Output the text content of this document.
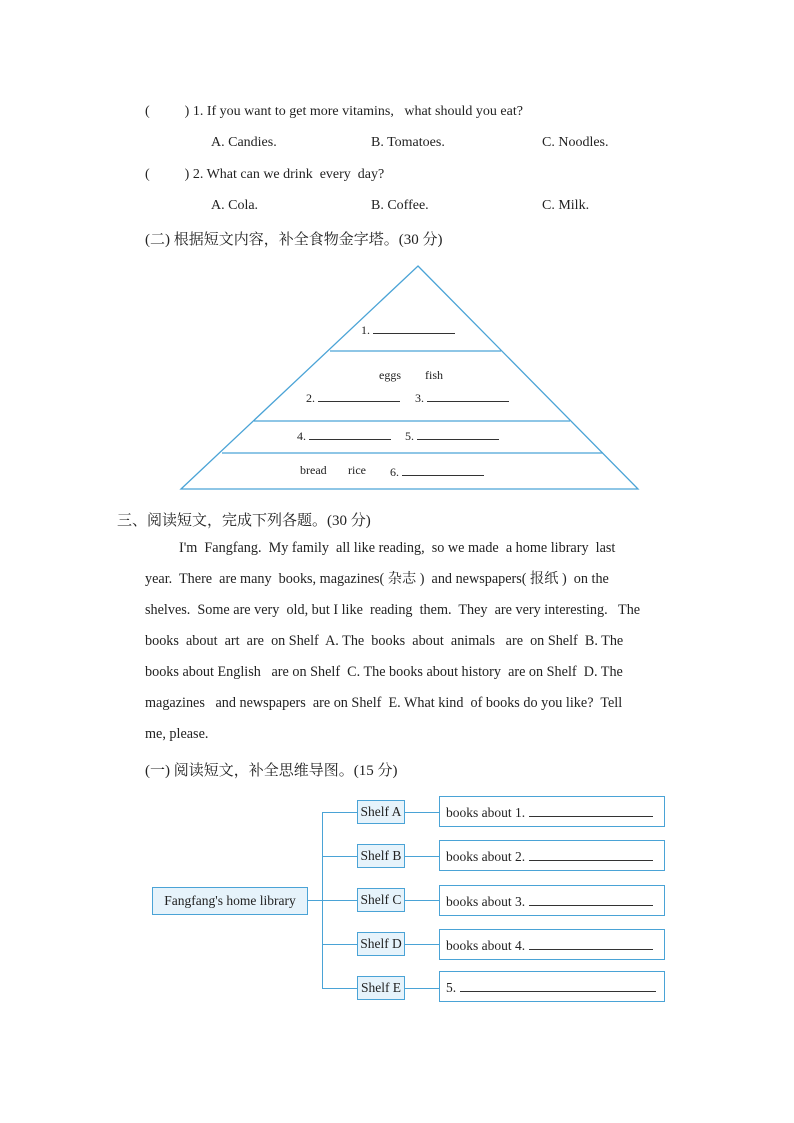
(          ) 1. If you want to get more vitamins,   what should you eat?
A. Candies.	B. Tomatoes.	C. Noodles.
(          ) 2. What can we drink  every  day?
A. Cola.	B. Coffee.	C. Milk.
(二) 根据短文内容，补全食物金字塔。(30 分)
1.
eggs fish
2.	3.
4.	5.
bread rice 6.
三、阅读短文，完成下列各题。(30 分)
I'm  Fangfang.  My family  all like reading,  so we made  a home library  last
year.  There  are many  books, magazines( 杂志 )  and newspapers( 报纸 )  on the
shelves.  Some are very  old, but I like  reading  them.  They  are very interesting.   The
books  about  art  are  on Shelf  A. The  books  about  animals   are  on Shelf  B. The
books about English   are on Shelf  C. The books about history  are on Shelf  D. The
magazines   and newspapers  are on Shelf  E. What kind  of books do you like?  Tell
me, please.
(一) 阅读短文，补全思维导图。(15 分)
Fangfang's home library
Shelf A
Shelf B
Shelf C
Shelf D
Shelf E
books about 1.
books about 2.
books about 3.
books about 4.
5.
